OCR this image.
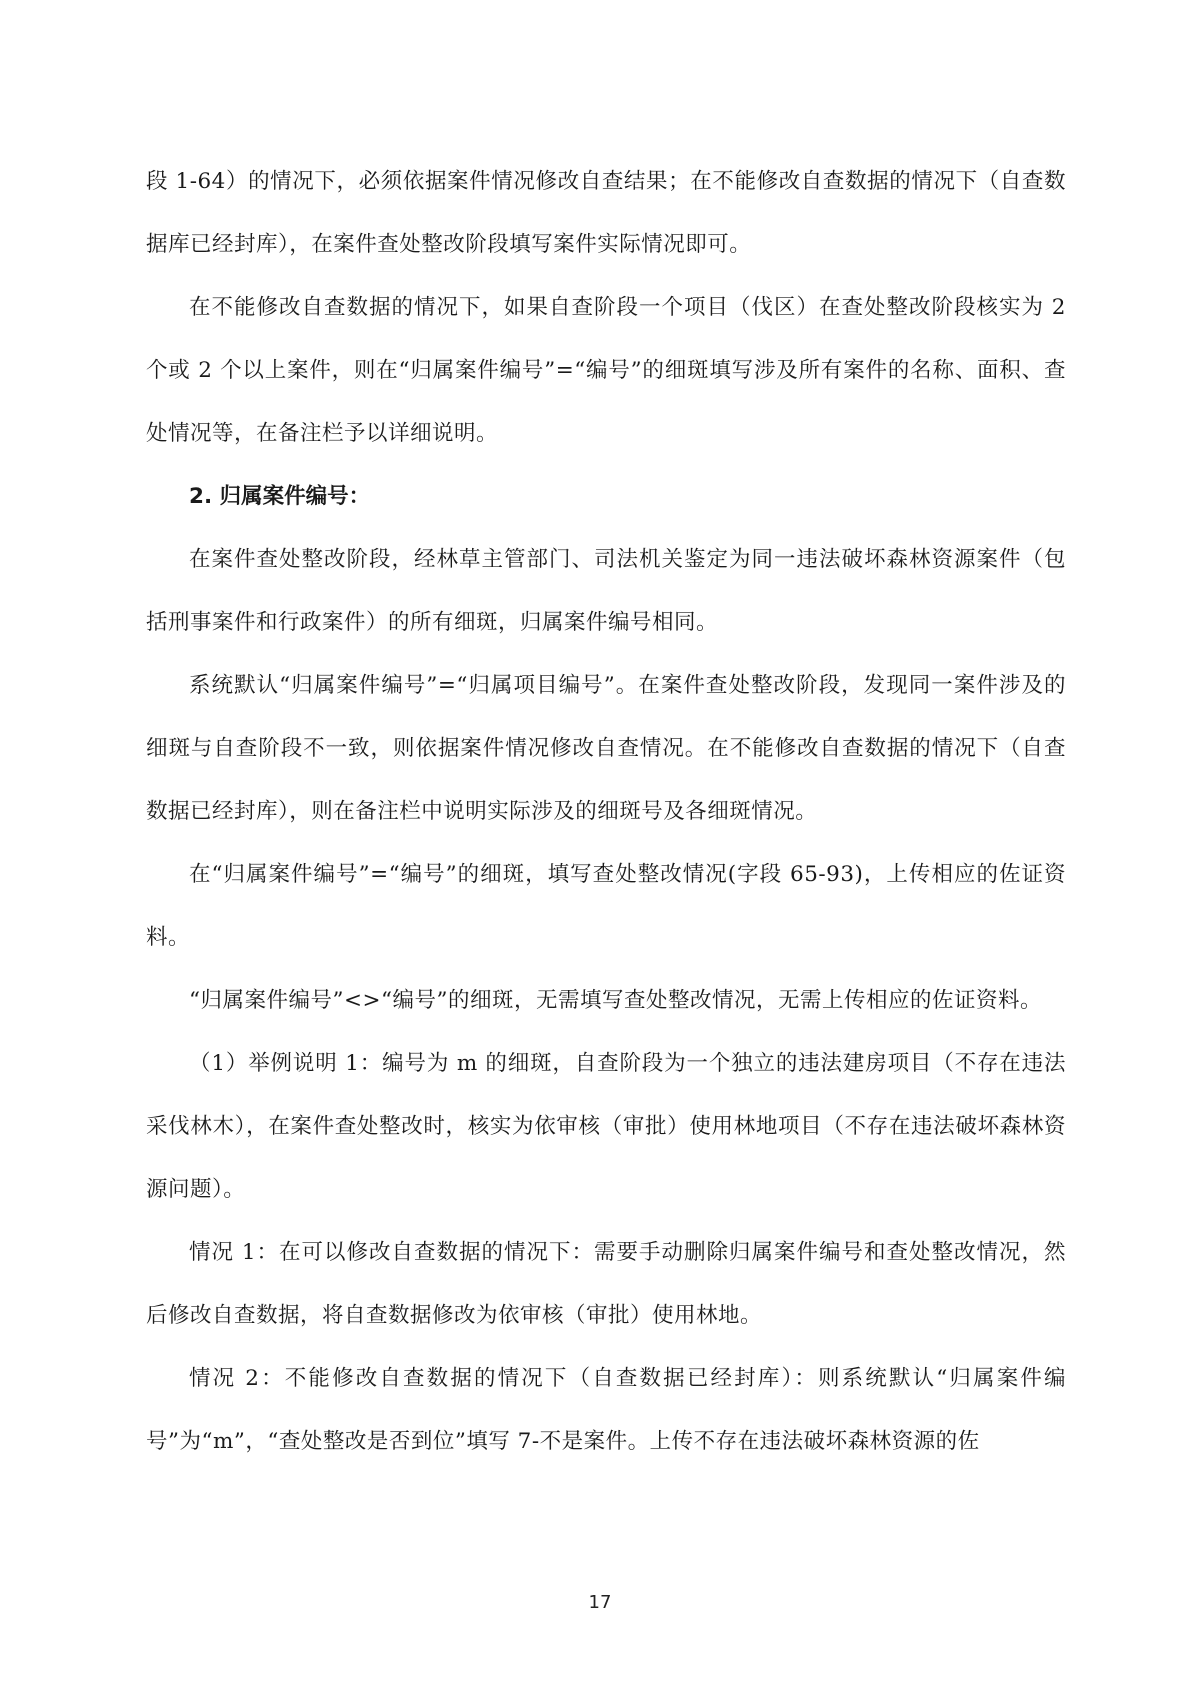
段 1-64）的情况下，必须依据案件情况修改自查结果；在不能修改自查数据的情况下（自查数据库已经封库），在案件查处整改阶段填写案件实际情况即可。

在不能修改自查数据的情况下，如果自查阶段一个项目（伐区）在查处整改阶段核实为 2 个或 2 个以上案件，则在“归属案件编号”=“编号”的细斑填写涉及所有案件的名称、面积、查处情况等，在备注栏予以详细说明。

2. 归属案件编号：

在案件查处整改阶段，经林草主管部门、司法机关鉴定为同一违法破坏森林资源案件（包括刑事案件和行政案件）的所有细斑，归属案件编号相同。

系统默认“归属案件编号”=“归属项目编号”。在案件查处整改阶段，发现同一案件涉及的细斑与自查阶段不一致，则依据案件情况修改自查情况。在不能修改自查数据的情况下（自查数据已经封库），则在备注栏中说明实际涉及的细斑号及各细斑情况。

在“归属案件编号”=“编号”的细斑，填写查处整改情况(字段 65-93)，上传相应的佐证资料。

“归属案件编号”<>“编号”的细斑，无需填写查处整改情况，无需上传相应的佐证资料。

（1）举例说明 1：编号为 m 的细斑，自查阶段为一个独立的违法建房项目（不存在违法采伐林木），在案件查处整改时，核实为依审核（审批）使用林地项目（不存在违法破坏森林资源问题）。

情况 1：在可以修改自查数据的情况下：需要手动删除归属案件编号和查处整改情况，然后修改自查数据，将自查数据修改为依审核（审批）使用林地。

情况 2：不能修改自查数据的情况下（自查数据已经封库）：则系统默认“归属案件编号”为“m”，“查处整改是否到位”填写 7-不是案件。上传不存在违法破坏森林资源的佐

17
